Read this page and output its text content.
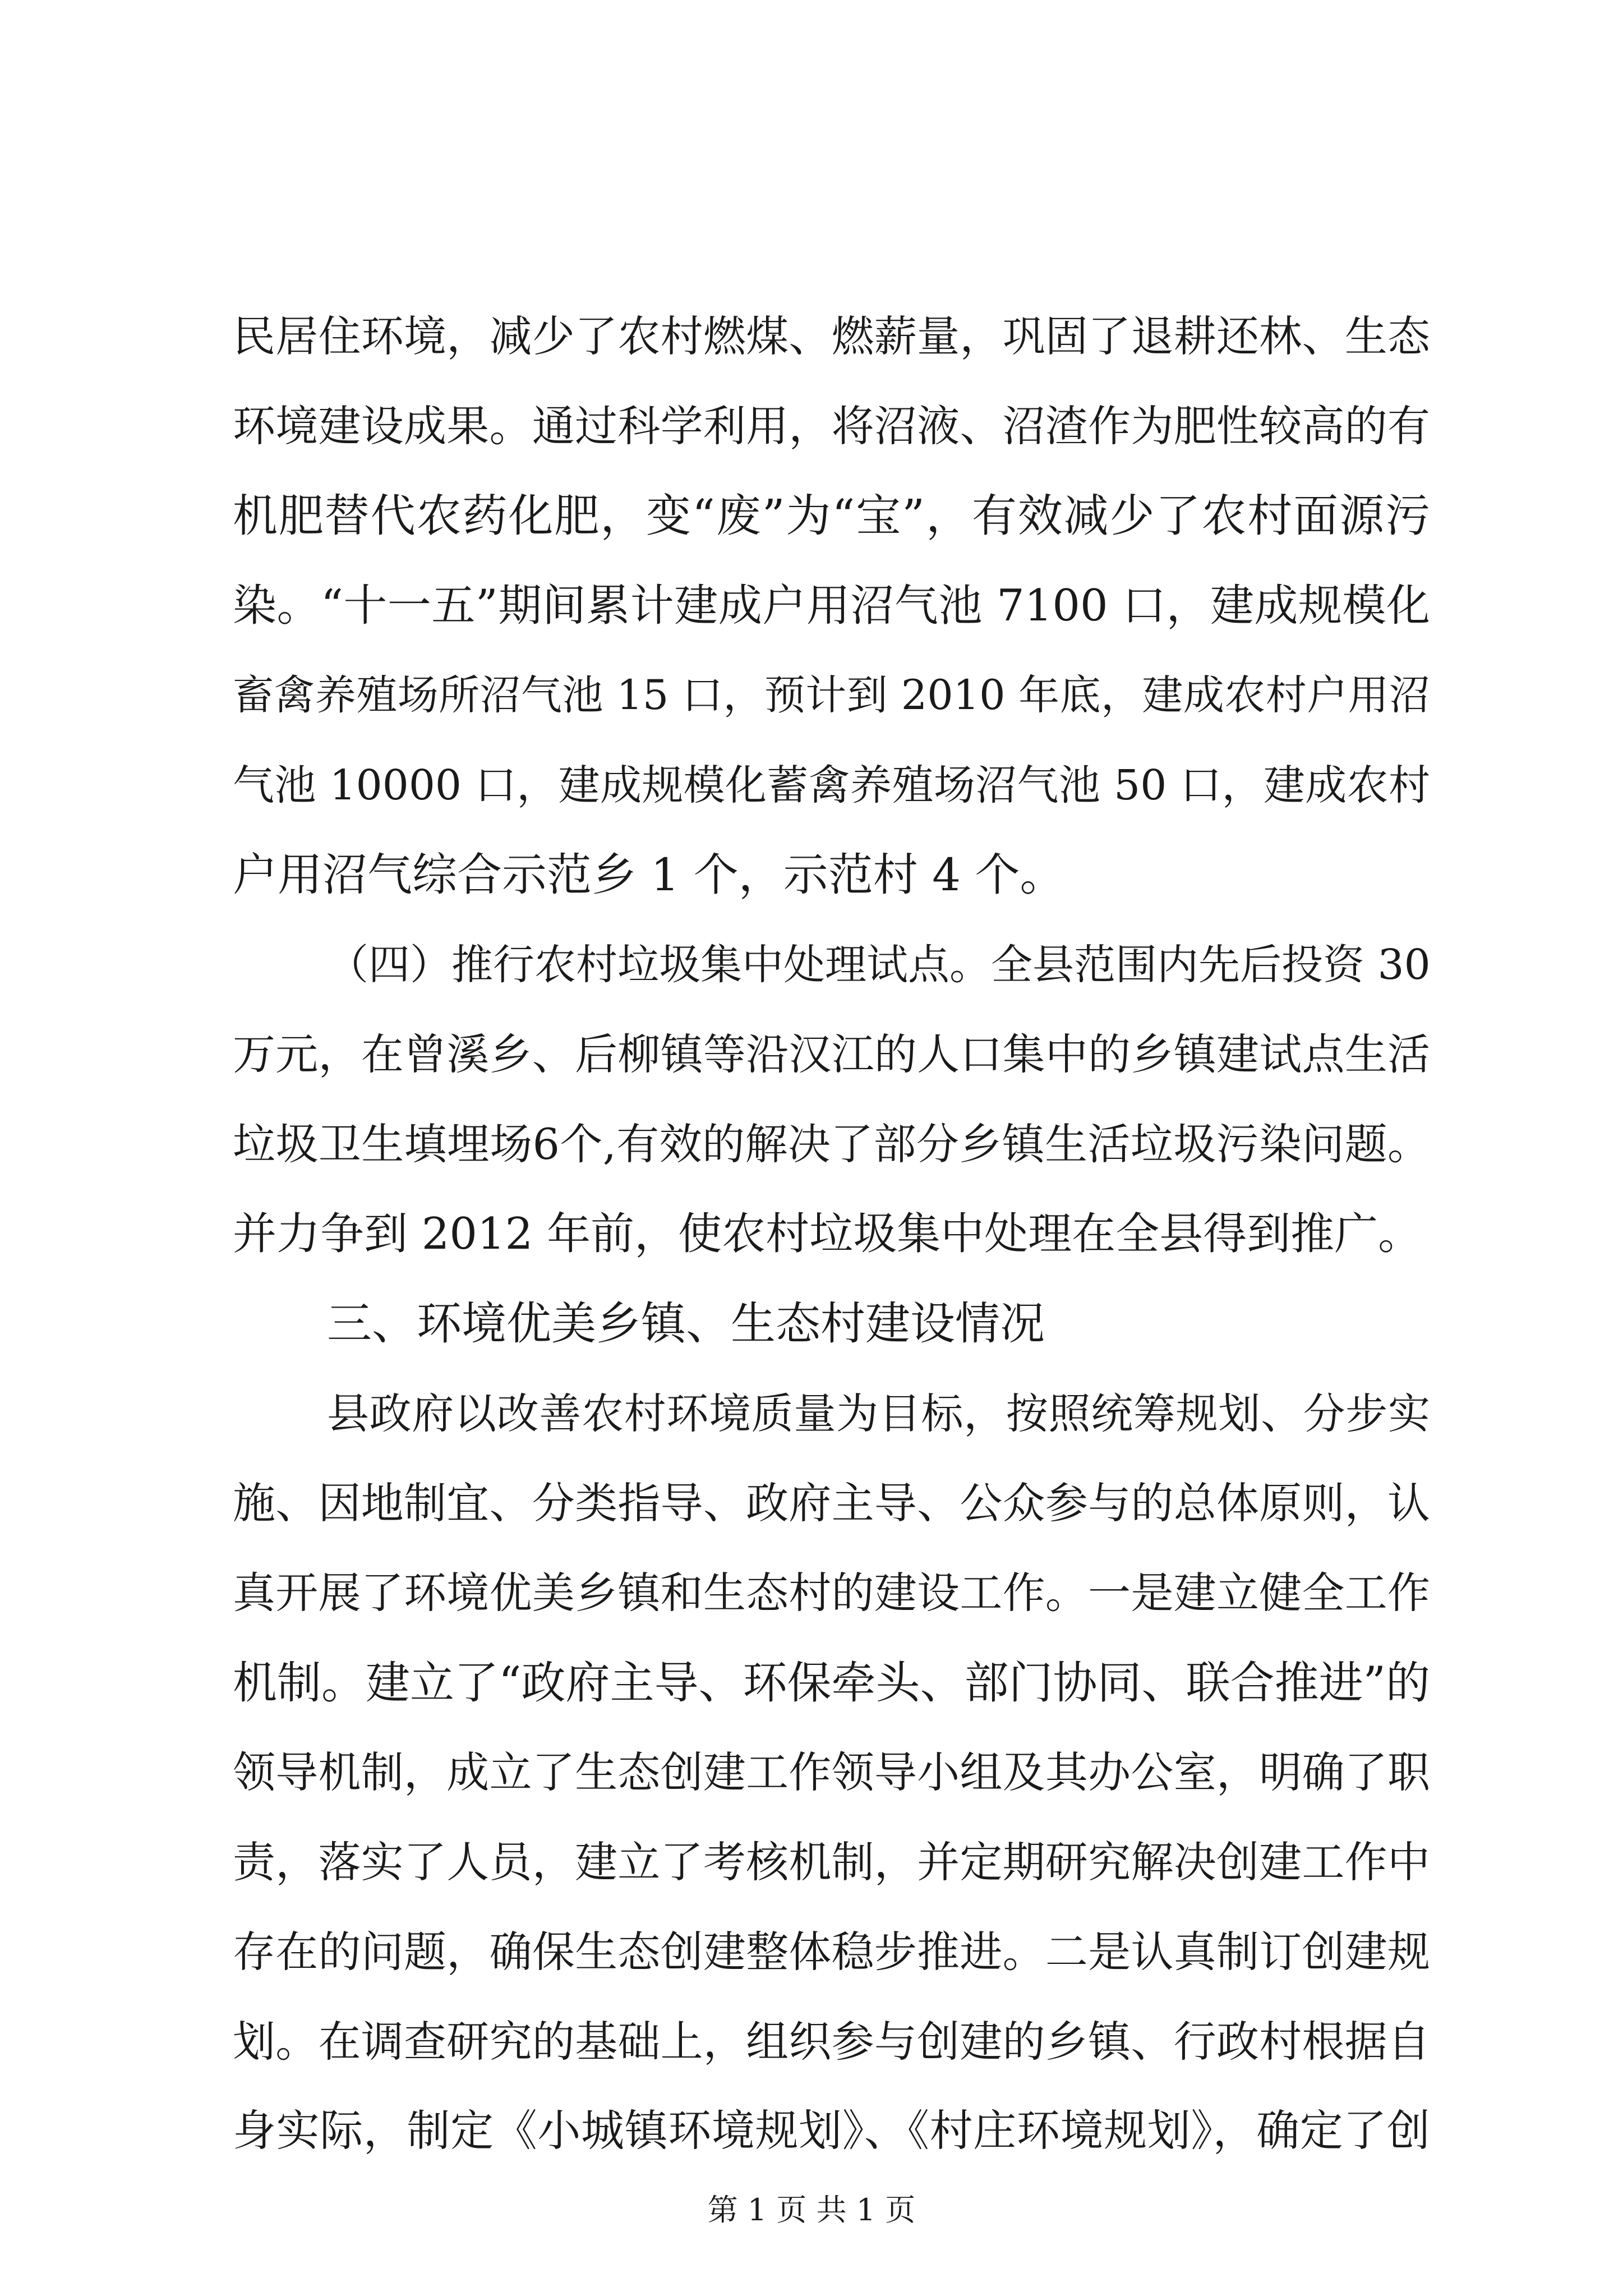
民居住环境，减少了农村燃煤、燃薪量，巩固了退耕还林、生态
环境建设成果。通过科学利用，将沼液、沼渣作为肥性较高的有
机肥替代农药化肥，变“废”为“宝”，有效减少了农村面源污
染。“十一五”期间累计建成户用沼气池 7100 口，建成规模化
畜禽养殖场所沼气池 15 口，预计到 2010 年底，建成农村户用沼
气池 10000 口，建成规模化蓄禽养殖场沼气池 50 口，建成农村
户用沼气综合示范乡 1 个，示范村 4 个。
（四）推行农村垃圾集中处理试点。全县范围内先后投资 30
万元，在曾溪乡、后柳镇等沿汉江的人口集中的乡镇建试点生活
垃圾卫生填埋场6个,有效的解决了部分乡镇生活垃圾污染问题。
并力争到 2012 年前，使农村垃圾集中处理在全县得到推广。
三、环境优美乡镇、生态村建设情况
县政府以改善农村环境质量为目标，按照统筹规划、分步实
施、因地制宜、分类指导、政府主导、公众参与的总体原则，认
真开展了环境优美乡镇和生态村的建设工作。一是建立健全工作
机制。建立了“政府主导、环保牵头、部门协同、联合推进”的
领导机制，成立了生态创建工作领导小组及其办公室，明确了职
责，落实了人员，建立了考核机制，并定期研究解决创建工作中
存在的问题，确保生态创建整体稳步推进。二是认真制订创建规
划。在调查研究的基础上，组织参与创建的乡镇、行政村根据自
身实际，制定《小城镇环境规划》、《村庄环境规划》，确定了创
第 1 页 共 1 页
